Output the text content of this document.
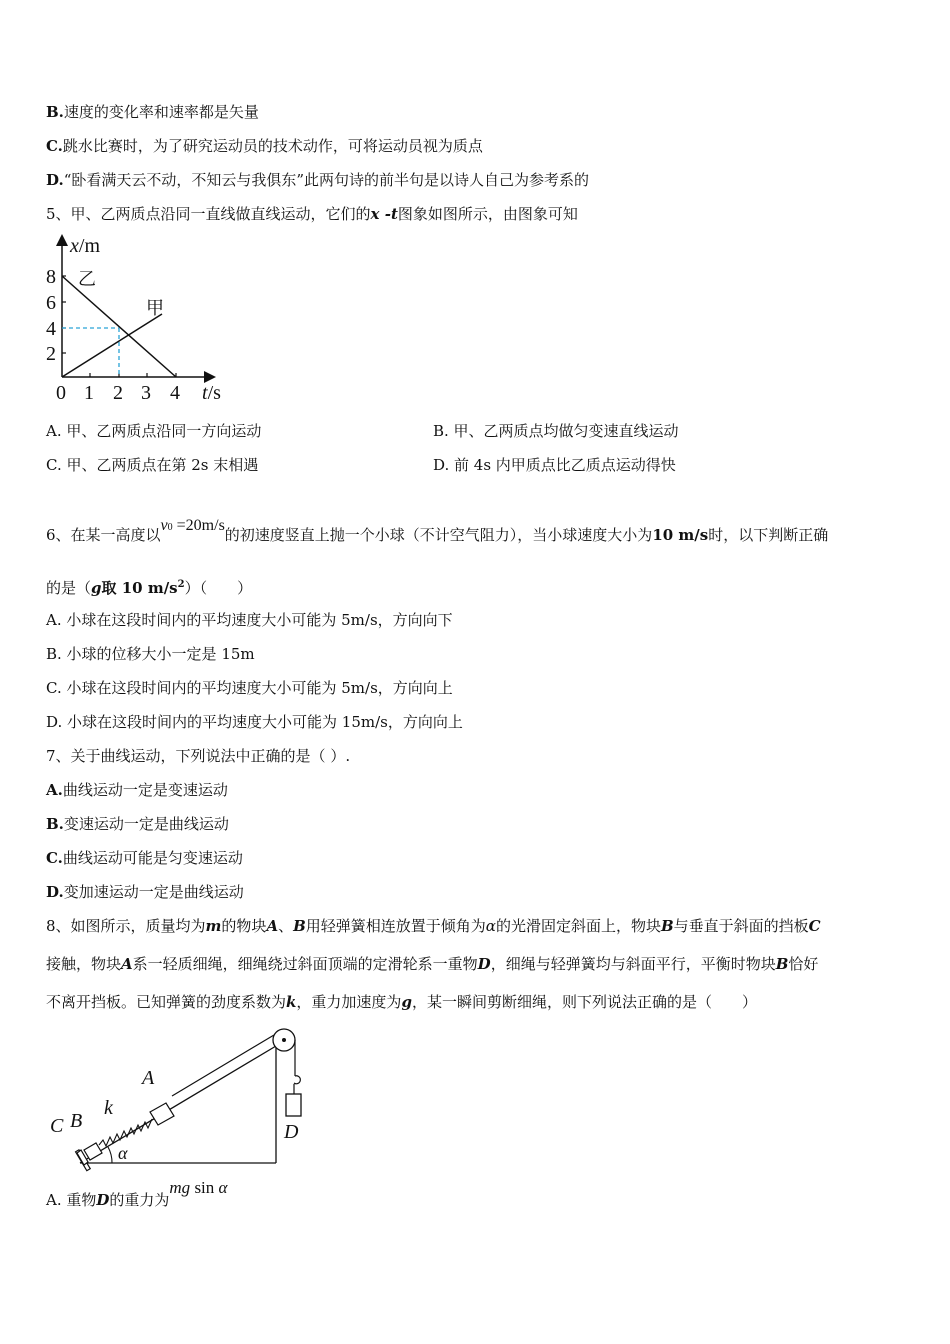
B.速度的变化率和速率都是矢量
C.跳水比赛时，为了研究运动员的技术动作，可将运动员视为质点
D.“卧看满天云不动，不知云与我俱东”此两句诗的前半句是以诗人自己为参考系的
5、甲、乙两质点沿同一直线做直线运动，它们的x -t图象如图所示，由图象可知
8
6
4
2
0 1 2 3 4
x/m
t/s
乙
甲
A. 甲、乙两质点沿同一方向运动	B. 甲、乙两质点均做匀变速直线运动
C. 甲、乙两质点在第 2s 末相遇	D. 前 4s 内甲质点比乙质点运动得快
6、在某一高度以v0 =20m/s的初速度竖直上抛一个小球（不计空气阻力），当小球速度大小为10 m/s时，以下判断正确
的是（g取 10 $m/s^2$）（　　）
A. 小球在这段时间内的平均速度大小可能为 5m/s，方向向下
B. 小球的位移大小一定是 15m
C. 小球在这段时间内的平均速度大小可能为 5m/s，方向向上
D. 小球在这段时间内的平均速度大小可能为 15m/s，方向向上
7、关于曲线运动，下列说法中正确的是（ ）.
A.曲线运动一定是变速运动
B.变速运动一定是曲线运动
C.曲线运动可能是匀变速运动
D.变加速运动一定是曲线运动
8、如图所示，质量均为m的物块A、B用轻弹簧相连放置于倾角为α的光滑固定斜面上，物块B与垂直于斜面的挡板C
接触，物块A系一轻质细绳，细绳绕过斜面顶端的定滑轮系一重物D，细绳与轻弹簧均与斜面平行，平衡时物块B恰好
不离开挡板。已知弹簧的劲度系数为k，重力加速度为g，某一瞬间剪断细绳，则下列说法正确的是（　　）
C B
k
A
D
α
A. 重物D的重力为mg sin α
